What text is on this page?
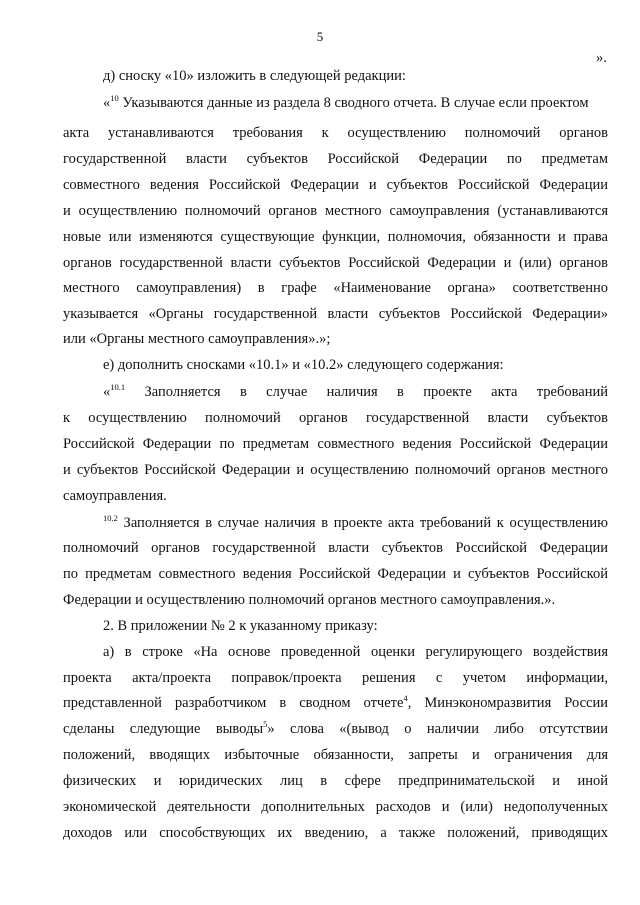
5
».
д) сноску «10» изложить в следующей редакции:
«$^{10}$ Указываются данные из раздела 8 сводного отчета. В случае если проектом
акта устанавливаются требования к осуществлению полномочий органов
государственной власти субъектов Российской Федерации по предметам
совместного ведения Российской Федерации и субъектов Российской Федерации
и осуществлению полномочий органов местного самоуправления (устанавливаются
новые или изменяются существующие функции, полномочия, обязанности и права
органов государственной власти субъектов Российской Федерации и (или) органов
местного самоуправления) в графе «Наименование органа» соответственно
указывается «Органы государственной власти субъектов Российской Федерации»
или «Органы местного самоуправления».»;
е) дополнить сносками «10.1» и «10.2» следующего содержания:
«$^{10.1}$ Заполняется в случае наличия в проекте акта требований
к осуществлению полномочий органов государственной власти субъектов
Российской Федерации по предметам совместного ведения Российской Федерации
и субъектов Российской Федерации и осуществлению полномочий органов местного
самоуправления.
$^{10.2}$ Заполняется в случае наличия в проекте акта требований к осуществлению
полномочий органов государственной власти субъектов Российской Федерации
по предметам совместного ведения Российской Федерации и субъектов Российской
Федерации и осуществлению полномочий органов местного самоуправления.».
2. В приложении № 2 к указанному приказу:
а) в строке «На основе проведенной оценки регулирующего воздействия
проекта акта/проекта поправок/проекта решения с учетом информации,
представленной разработчиком в сводном отчете$^4$, Минэкономразвития России
сделаны следующие выводы$^5$» слова «(вывод о наличии либо отсутствии
положений, вводящих избыточные обязанности, запреты и ограничения для
физических и юридических лиц в сфере предпринимательской и иной
экономической деятельности дополнительных расходов и (или) недополученных
доходов или способствующих их введению, а также положений, приводящих
